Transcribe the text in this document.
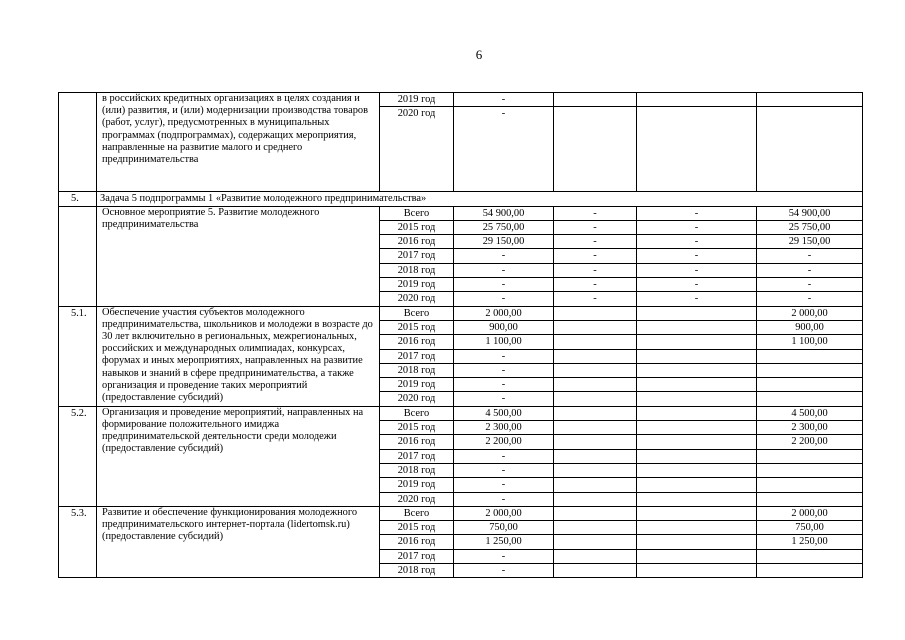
6
	в российских кредитных организациях в целях создания и (или) развития, и (или) модернизации производства товаров (работ, услуг), предусмотренных в муниципальных программах (подпрограммах), содержащих мероприятия, направленные на развитие малого и среднего предпринимательства	2019 год	-			
		2020 год	-			
5.	Задача 5 подпрограммы 1 «Развитие молодежного предпринимательства»					
	Основное мероприятие 5. Развитие молодежного предпринимательства	Всего	54 900,00	-	-	54 900,00
		2015 год	25 750,00	-	-	25 750,00
		2016 год	29 150,00	-	-	29 150,00
		2017 год	-	-	-	-
		2018 год	-	-	-	-
		2019 год	-	-	-	-
		2020 год	-	-	-	-
5.1.	Обеспечение участия субъектов молодежного предпринимательства, школьников и молодежи в возрасте до 30 лет включительно в региональных, межрегиональных, российских и международных олимпиадах, конкурсах, форумах и иных мероприятиях, направленных на развитие навыков и знаний в сфере предпринимательства, а также организация и проведение таких мероприятий (предоставление субсидий)	Всего	2 000,00			2 000,00
		2015 год	900,00			900,00
		2016 год	1 100,00			1 100,00
		2017 год	-			
		2018 год	-			
		2019 год	-			
		2020 год	-			
5.2.	Организация и проведение мероприятий, направленных на формирование положительного имиджа предпринимательской деятельности среди молодежи (предоставление субсидий)	Всего	4 500,00			4 500,00
		2015 год	2 300,00			2 300,00
		2016 год	2 200,00			2 200,00
		2017 год	-			
		2018 год	-			
		2019 год	-			
		2020 год	-			
5.3.	Развитие и обеспечение функционирования молодежного предпринимательского интернет-портала (lidertomsk.ru) (предоставление субсидий)	Всего	2 000,00			2 000,00
		2015 год	750,00			750,00
		2016 год	1 250,00			1 250,00
		2017 год	-			
		2018 год	-			
